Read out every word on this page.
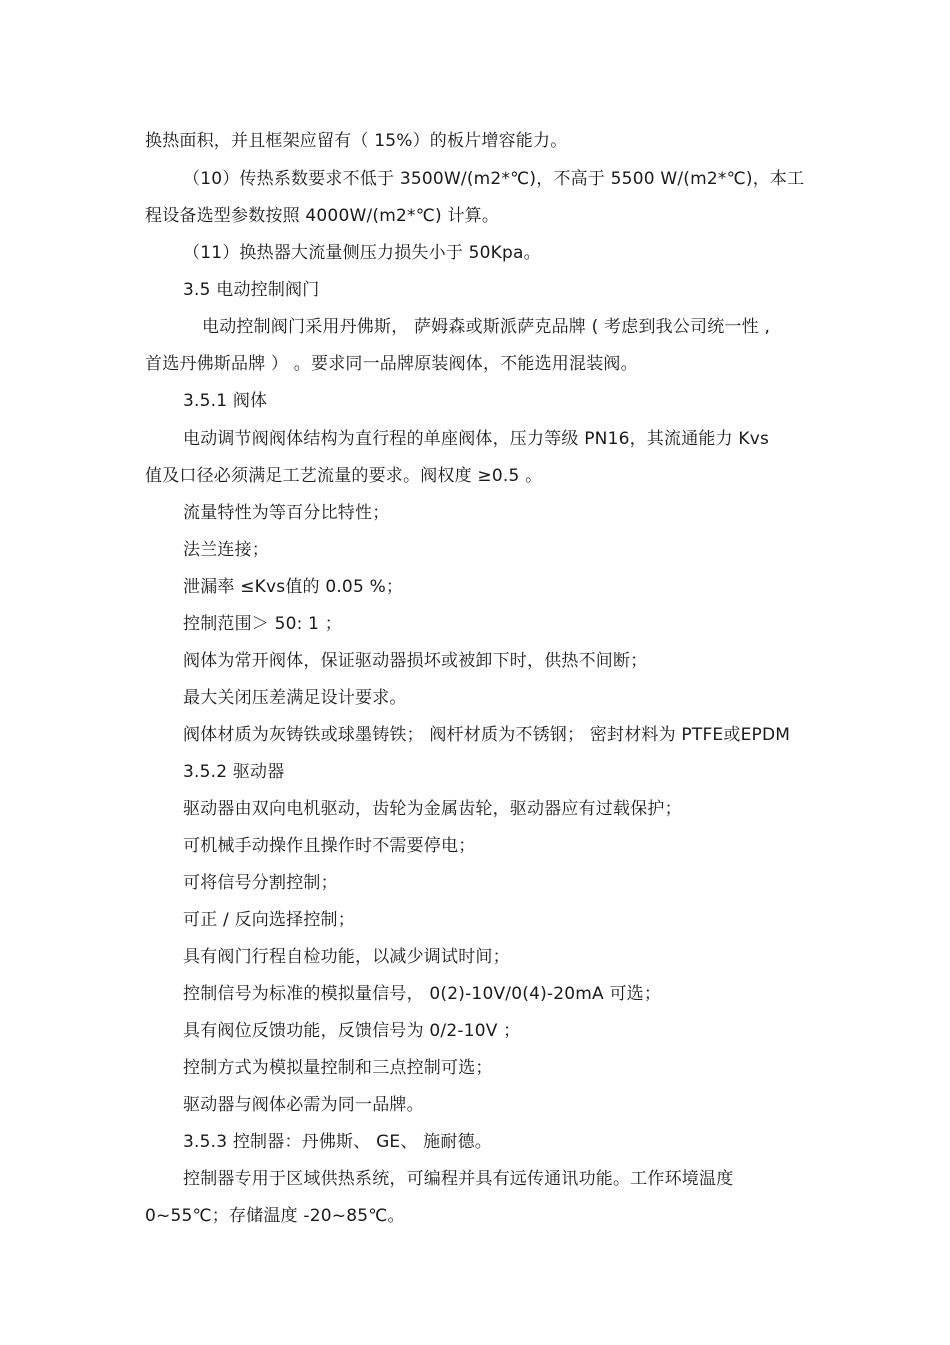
换热面积，并且框架应留有（ 15%）的板片增容能力。
（10）传热系数要求不低于 3500W/(m2*℃)，不高于 5500 W/(m2*℃)，本工
程设备选型参数按照 4000W/(m2*℃) 计算。
（11）换热器大流量侧压力损失小于 50Kpa。
3.5 电动控制阀门
电动控制阀门采用丹佛斯， 萨姆森或斯派萨克品牌 ( 考虑到我公司统一性 ,
首选丹佛斯品牌 ） 。要求同一品牌原装阀体，不能选用混装阀。
3.5.1 阀体
电动调节阀阀体结构为直行程的单座阀体，压力等级 PN16，其流通能力 Kvs
值及口径必须满足工艺流量的要求。阀权度 ≥0.5 。
流量特性为等百分比特性；
法兰连接；
泄漏率 ≤Kvs值的 0.05 %；
控制范围＞ 50: 1 ；
阀体为常开阀体，保证驱动器损坏或被卸下时，供热不间断；
最大关闭压差满足设计要求。
阀体材质为灰铸铁或球墨铸铁； 阀杆材质为不锈钢； 密封材料为 PTFE或EPDM
3.5.2 驱动器
驱动器由双向电机驱动，齿轮为金属齿轮，驱动器应有过载保护；
可机械手动操作且操作时不需要停电；
可将信号分割控制；
可正 / 反向选择控制；
具有阀门行程自检功能，以减少调试时间；
控制信号为标准的模拟量信号， 0(2)-10V/0(4)-20mA 可选；
具有阀位反馈功能，反馈信号为 0/2-10V ；
控制方式为模拟量控制和三点控制可选；
驱动器与阀体必需为同一品牌。
3.5.3 控制器：丹佛斯、 GE、 施耐德。
控制器专用于区域供热系统，可编程并具有远传通讯功能。工作环境温度
0~55℃；存储温度 -20~85℃。
